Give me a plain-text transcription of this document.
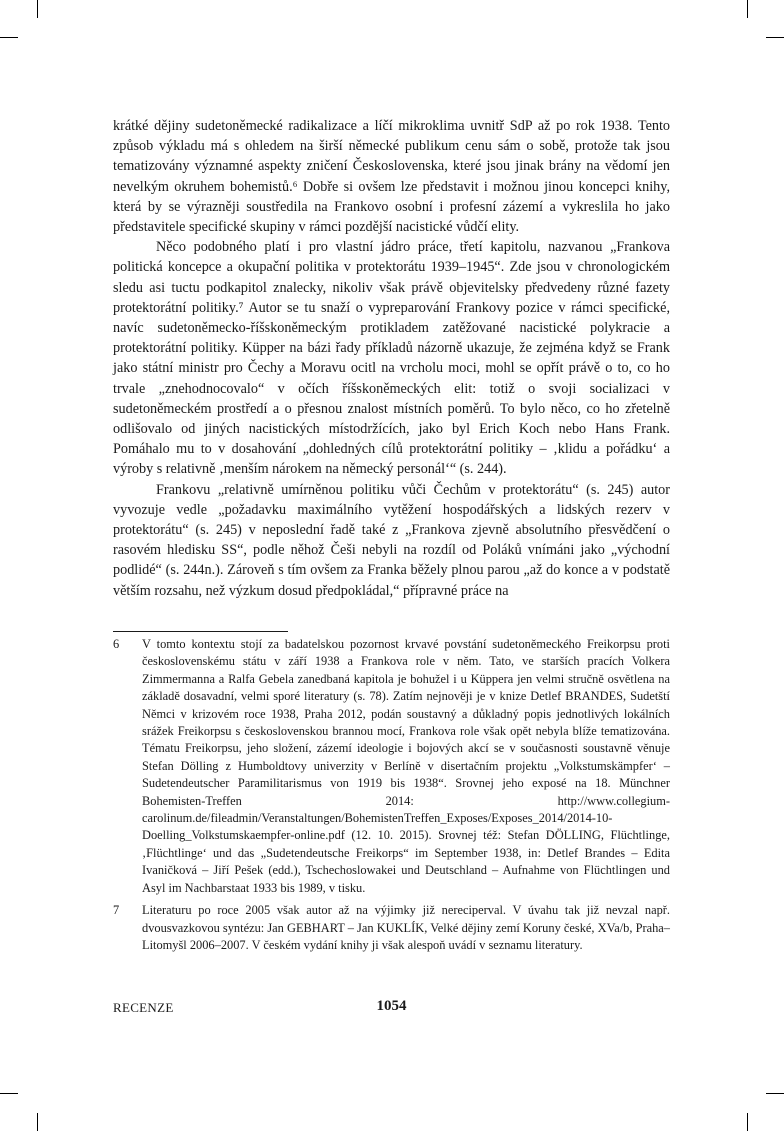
krátké dějiny sudetoněmecké radikalizace a líčí mikroklima uvnitř SdP až po rok 1938. Tento způsob výkladu má s ohledem na širší německé publikum cenu sám o sobě, protože tak jsou tematizovány významné aspekty zničení Československa, které jsou jinak brány na vědomí jen nevelkým okruhem bohemistů.⁶ Dobře si ovšem lze představit i možnou jinou koncepci knihy, která by se výrazněji soustředila na Frankovo osobní i profesní zázemí a vykreslila ho jako představitele specifické skupiny v rámci pozdější nacistické vůdčí elity.

Něco podobného platí i pro vlastní jádro práce, třetí kapitolu, nazvanou „Frankova politická koncepce a okupační politika v protektorátu 1939–1945“. Zde jsou v chronologickém sledu asi tuctu podkapitol znalecky, nikoliv však právě objevitelsky předvedeny různé fazety protektorátní politiky.⁷ Autor se tu snaží o vypreparování Frankovy pozice v rámci specifické, navíc sudetoněmecko-říšskoněmeckým protikladem zatěžované nacistické polykracie a protektorátní politiky. Küpper na bázi řady příkladů názorně ukazuje, že zejména když se Frank jako státní ministr pro Čechy a Moravu ocitl na vrcholu moci, mohl se opřít právě o to, co ho trvale „znehodnocovalo“ v očích říšskoněmeckých elit: totiž o svoji socializaci v sudetoněmeckém prostředí a o přesnou znalost místních poměrů. To bylo něco, co ho zřetelně odlišovalo od jiných nacistických místodržících, jako byl Erich Koch nebo Hans Frank. Pomáhalo mu to v dosahování „dohledných cílů protektorátní politiky – ‚klidu a pořádku‘ a výroby s relativně ‚menším nárokem na německý personál‘“ (s. 244).

Frankovu „relativně umírněnou politiku vůči Čechům v protektorátu“ (s. 245) autor vyvozuje vedle „požadavku maximálního vytěžení hospodářských a lidských rezerv v protektorátu“ (s. 245) v neposlední řadě také z „Frankova zjevně absolutního přesvědčení o rasovém hledisku SS“, podle něhož Češi nebyli na rozdíl od Poláků vnímáni jako „východní podlidé“ (s. 244n.). Zároveň s tím ovšem za Franka běžely plnou parou „až do konce a v podstatě větším rozsahu, než výzkum dosud předpokládal,“ přípravné práce na

6 V tomto kontextu stojí za badatelskou pozornost krvavé povstání sudetoněmeckého Freikorpsu proti československému státu v září 1938 a Frankova role v něm. Tato, ve starších pracích Volkera Zimmermanna a Ralfa Gebela zanedbaná kapitola je bohužel i u Küppera jen velmi stručně osvětlena na základě dosavadní, velmi sporé literatury (s. 78). Zatím nejnověji je v knize Detlef BRANDES, Sudetští Němci v krizovém roce 1938, Praha 2012, podán soustavný a důkladný popis jednotlivých lokálních srážek Freikorpsu s československou brannou mocí, Frankova role však opět nebyla blíže tematizována. Tématu Freikorpsu, jeho složení, zázemí ideologie i bojových akcí se v současnosti soustavně věnuje Stefan Dölling z Humboldtovy univerzity v Berlíně v disertačním projektu „Volkstumskämpfer‘ – Sudetendeutscher Paramilitarismus von 1919 bis 1938“. Srovnej jeho exposé na 18. Münchner Bohemisten-Treffen 2014: http://www.collegium-carolinum.de/fileadmin/Veranstaltungen/BohemistenTreffen_Exposes/Exposes_2014/2014-10-Doelling_Volkstumskaempfer-online.pdf (12. 10. 2015). Srovnej též: Stefan DÖLLING, Flüchtlinge, ‚Flüchtlinge‘ und das „Sudetendeutsche Freikorps“ im September 1938, in: Detlef Brandes – Edita Ivaničková – Jiří Pešek (edd.), Tschechoslowakei und Deutschland – Aufnahme von Flüchtlingen und Asyl im Nachbarstaat 1933 bis 1989, v tisku.
7 Literaturu po roce 2005 však autor až na výjimky již nereciperval. V úvahu tak již nevzal např. dvousvazkovou syntézu: Jan GEBHART – Jan KUKLÍK, Velké dějiny zemí Koruny české, XVa/b, Praha–Litomyšl 2006–2007. V českém vydání knihy ji však alespoň uvádí v seznamu literatury.
RECENZE	1054
